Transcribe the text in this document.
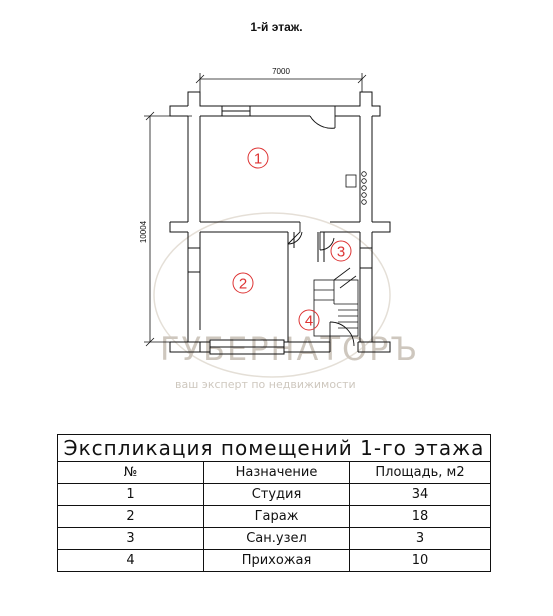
1-й этаж.
ГУБЕРНАТОРЪ
ваш эксперт по недвижимости
7000
10004
1
2
3
4
Экспликация помещений 1-го этажа
№	Назначение	Площадь, м2
1	Студия	34
2	Гараж	18
3	Сан.узел	3
4	Прихожая	10
